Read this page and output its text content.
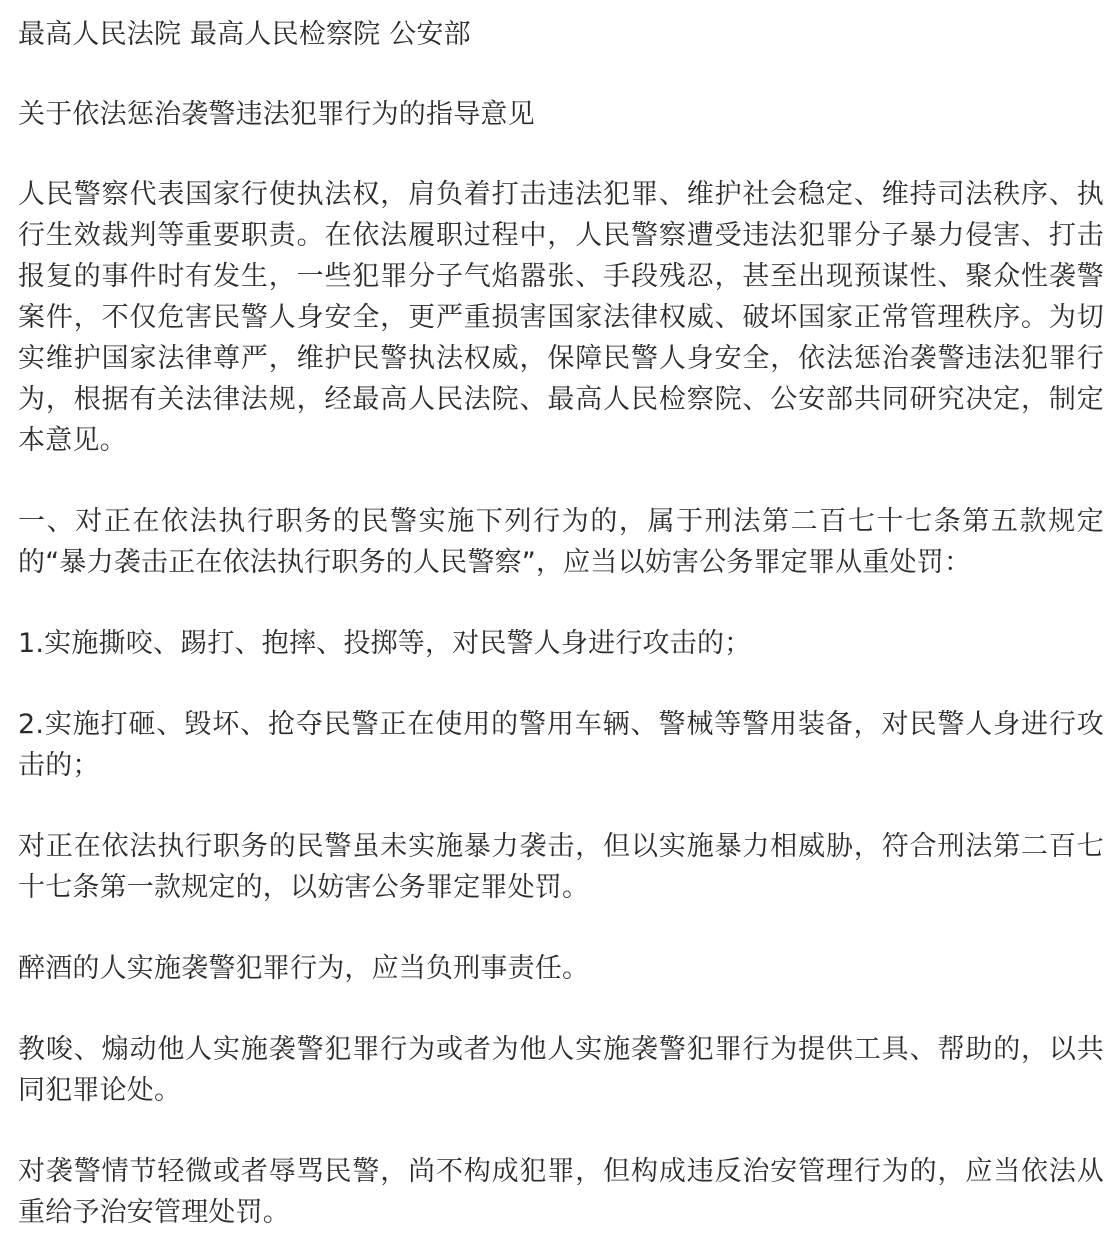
最高人民法院 最高人民检察院 公安部

关于依法惩治袭警违法犯罪行为的指导意见

人民警察代表国家行使执法权，肩负着打击违法犯罪、维护社会稳定、维持司法秩序、执行生效裁判等重要职责。在依法履职过程中，人民警察遭受违法犯罪分子暴力侵害、打击报复的事件时有发生，一些犯罪分子气焰嚣张、手段残忍，甚至出现预谋性、聚众性袭警案件，不仅危害民警人身安全，更严重损害国家法律权威、破坏国家正常管理秩序。为切实维护国家法律尊严，维护民警执法权威，保障民警人身安全，依法惩治袭警违法犯罪行为，根据有关法律法规，经最高人民法院、最高人民检察院、公安部共同研究决定，制定本意见。

一、对正在依法执行职务的民警实施下列行为的，属于刑法第二百七十七条第五款规定的“暴力袭击正在依法执行职务的人民警察”，应当以妨害公务罪定罪从重处罚：

1.实施撕咬、踢打、抱摔、投掷等，对民警人身进行攻击的；

2.实施打砸、毁坏、抢夺民警正在使用的警用车辆、警械等警用装备，对民警人身进行攻击的；

对正在依法执行职务的民警虽未实施暴力袭击，但以实施暴力相威胁，符合刑法第二百七十七条第一款规定的，以妨害公务罪定罪处罚。

醉酒的人实施袭警犯罪行为，应当负刑事责任。

教唆、煽动他人实施袭警犯罪行为或者为他人实施袭警犯罪行为提供工具、帮助的，以共同犯罪论处。

对袭警情节轻微或者辱骂民警，尚不构成犯罪，但构成违反治安管理行为的，应当依法从重给予治安管理处罚。
